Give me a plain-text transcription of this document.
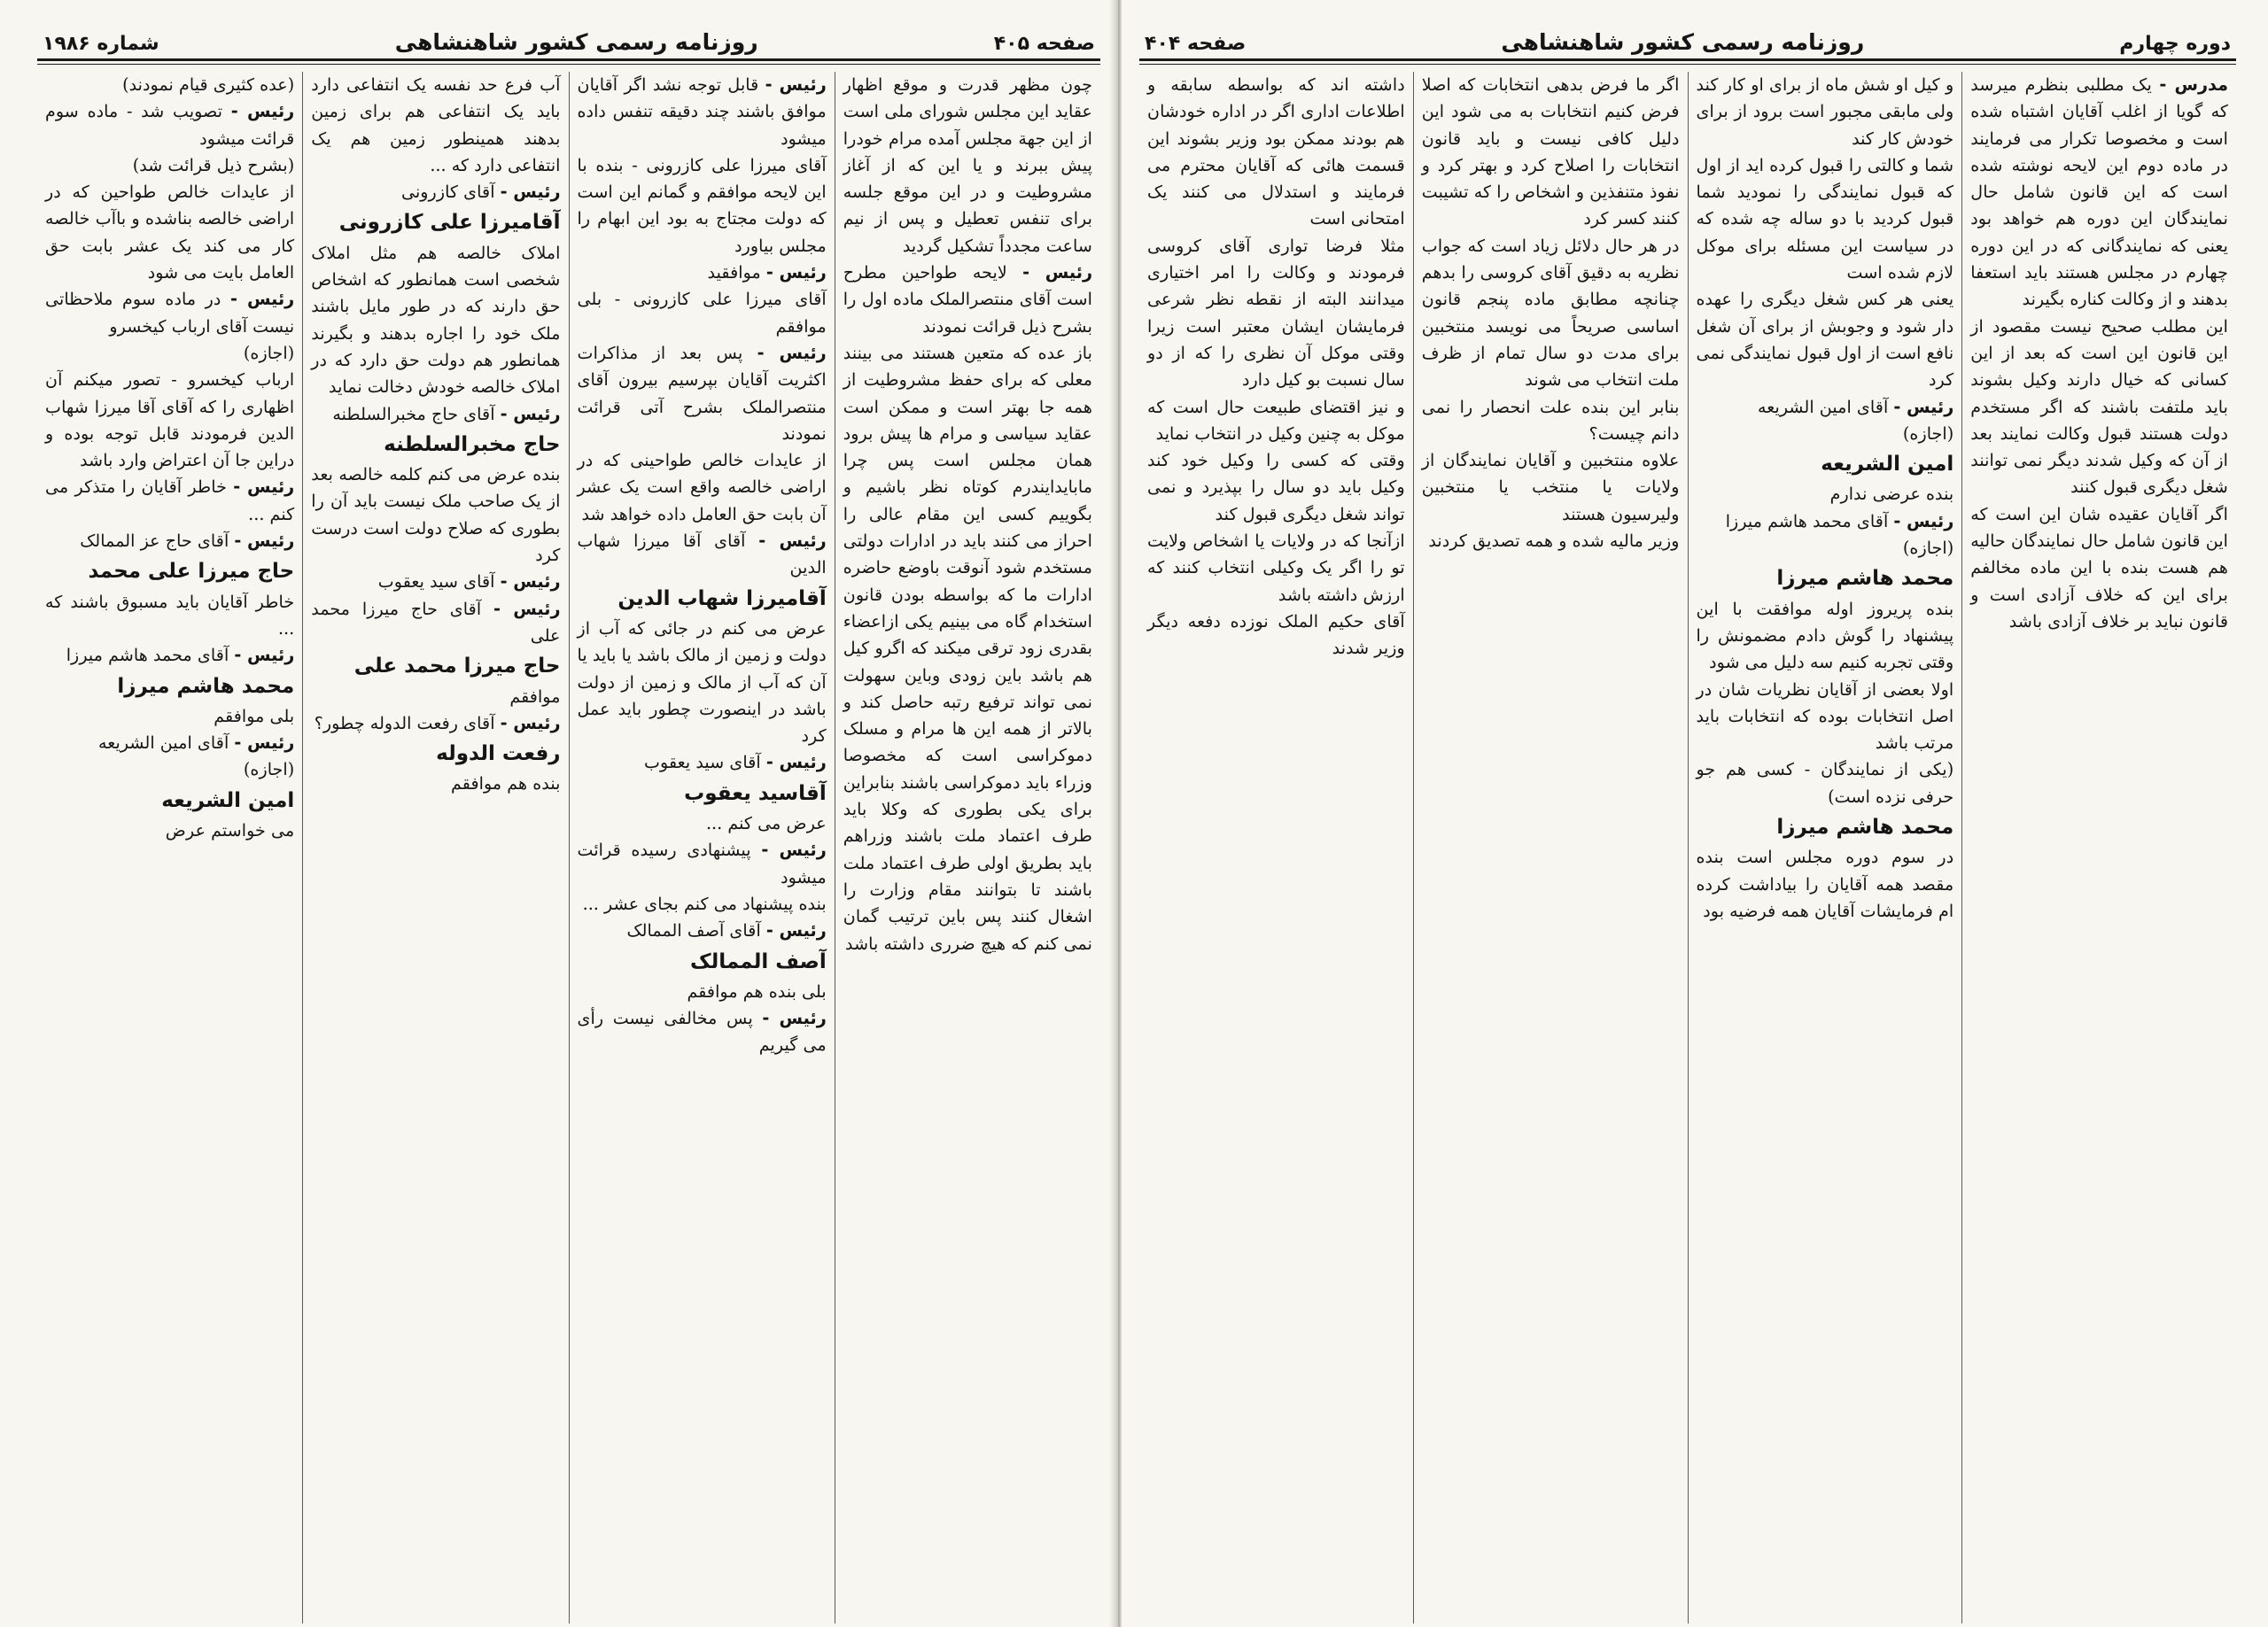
صفحه ۴۰۵
روزنامه رسمی کشور شاهنشاهی
شماره ۱۹۸۶

چون مظهر قدرت و موقع اظهار عقاید این مجلس شورای ملی است از این جهة مجلس آمده مرام خودرا پیش ببرند و یا این که از آغاز مشروطیت و در این موقع جلسه برای تنفس تعطیل و پس از نیم ساعت مجدداً تشکیل گردید

رئیس - لایحه طواحین مطرح است آقای منتصرالملک ماده اول را بشرح ذیل قرائت نمودند

باز عده که متعین هستند می بینند معلی که برای حفظ مشروطیت از همه جا بهتر است و ممکن است عقاید سیاسی و مرام ها پیش برود همان مجلس است پس چرا مابایدایندرم کوتاه نظر باشیم و بگوییم کسی این مقام عالی را احراز می کنند باید در ادارات دولتی مستخدم شود آنوقت باوضع حاضره ادارات ما که بواسطه بودن قانون استخدام گاه می بینیم یکی ازاعضاء بقدری زود ترقی میکند که اگرو کیل هم باشد باین زودی وباین سهولت نمی تواند ترفیع رتبه حاصل کند و بالاتر از همه این ها مرام و مسلک دموکراسی است که مخصوصا وزراء باید دموکراسی باشند بنابراین برای یکی بطوری که وکلا باید طرف اعتماد ملت باشند وزراهم باید بطریق اولی طرف اعتماد ملت باشند تا بتوانند مقام وزارت را اشغال کنند پس باین ترتیب گمان نمی کنم که هیچ ضرری داشته باشد

رئیس - قابل توجه نشد اگر آقایان موافق باشند چند دقیقه تنفس داده میشود

آقای میرزا علی کازرونی - بنده با این لایحه موافقم و گمانم این است که دولت مجتاج به بود این ابهام را مجلس بیاورد

رئیس - موافقید

آقای میرزا علی کازرونی - بلی موافقم

رئیس - پس بعد از مذاکرات اکثریت آقایان بپرسیم بیرون آقای منتصرالملک بشرح آتی قرائت نمودند

از عایدات خالص طواحینی که در اراضی خالصه واقع است یک عشر آن بابت حق العامل داده خواهد شد

رئیس - آقای آقا میرزا شهاب الدین

آقامیرزا شهاب الدین

عرض می کنم در جائی که آب از دولت و زمین از مالک باشد یا باید یا آن که آب از مالک و زمین از دولت باشد در اینصورت چطور باید عمل کرد

رئیس - آقای سید یعقوب

آقاسید یعقوب

عرض می کنم ...

رئیس - پیشنهادی رسیده قرائت میشود

بنده پیشنهاد می کنم بجای عشر ...

رئیس - آقای آصف الممالک

آصف الممالک

بلی بنده هم موافقم

رئیس - پس مخالفی نیست رأی می گیریم

آب فرع حد نفسه یک انتفاعی دارد باید یک انتفاعی هم برای زمین بدهند همینطور زمین هم یک انتفاعی دارد که ...

رئیس - آقای کازرونی

آقامیرزا علی کازرونی

املاک خالصه هم مثل املاک شخصی است همانطور که اشخاص حق دارند که در طور مایل باشند ملک خود را اجاره بدهند و بگیرند همانطور هم دولت حق دارد که در املاک خالصه خودش دخالت نماید

رئیس - آقای حاج مخبرالسلطنه

حاج مخبرالسلطنه

بنده عرض می کنم کلمه خالصه بعد از یک صاحب ملک نیست باید آن را بطوری که صلاح دولت است درست کرد

رئیس - آقای سید یعقوب

رئیس - آقای حاج میرزا محمد علی

حاج میرزا محمد علی

موافقم

رئیس - آقای رفعت الدوله چطور؟

رفعت الدوله

بنده هم موافقم

(عده کثیری قیام نمودند)

رئیس - تصویب شد - ماده سوم قرائت میشود

(بشرح ذیل قرائت شد)

از عایدات خالص طواحین که در اراضی خالصه بناشده و باآب خالصه کار می کند یک عشر بابت حق العامل بایت می شود

رئیس - در ماده سوم ملاحظاتی نیست آقای ارباب کیخسرو

(اجازه)

ارباب کیخسرو - تصور میکنم آن اظهاری را که آقای آقا میرزا شهاب الدین فرمودند قابل توجه بوده و دراین جا آن اعتراض وارد باشد

رئیس - خاطر آقایان را متذکر می کنم ...

رئیس - آقای حاج عز الممالک

حاج میرزا علی محمد

خاطر آقایان باید مسبوق باشند که ...

رئیس - آقای محمد هاشم میرزا

محمد هاشم میرزا

بلی موافقم

رئیس - آقای امین الشریعه

(اجازه)

امین الشریعه

می خواستم عرض

دوره چهارم
روزنامه رسمی کشور شاهنشاهی
صفحه ۴۰۴

مدرس - یک مطلبی بنظرم میرسد که گویا از اغلب آقایان اشتباه شده است و مخصوصا تکرار می فرمایند در ماده دوم این لایحه نوشته شده است که این قانون شامل حال نمایندگان این دوره هم خواهد بود یعنی که نمایندگانی که در این دوره چهارم در مجلس هستند باید استعفا بدهند و از وکالت کناره بگیرند

این مطلب صحیح نیست مقصود از این قانون این است که بعد از این کسانی که خیال دارند وکیل بشوند باید ملتفت باشند که اگر مستخدم دولت هستند قبول وکالت نمایند بعد از آن که وکیل شدند دیگر نمی توانند شغل دیگری قبول کنند

اگر آقایان عقیده شان این است که این قانون شامل حال نمایندگان حالیه هم هست بنده با این ماده مخالفم برای این که خلاف آزادی است و قانون نباید بر خلاف آزادی باشد

و کیل او شش ماه از برای او کار کند ولی مابقی مجبور است برود از برای خودش کار کند

شما و کالتی را قبول کرده اید از اول که قبول نمایندگی را نمودید شما قبول کردید با دو ساله چه شده که در سیاست این مسئله برای موکل لازم شده است

یعنی هر کس شغل دیگری را عهده دار شود و وجوبش از برای آن شغل نافع است از اول قبول نمایندگی نمی کرد

رئیس - آقای امین الشریعه

(اجازه)

امین الشریعه

بنده عرضی ندارم

رئیس - آقای محمد هاشم میرزا

(اجازه)

محمد هاشم میرزا

بنده پریروز اوله موافقت با این پیشنهاد را گوش دادم مضمونش را وقتی تجربه کنیم سه دلیل می شود

اولا بعضی از آقایان نظریات شان در اصل انتخابات بوده که انتخابات باید مرتب باشد

(یکی از نمایندگان - کسی هم جو حرفی نزده است)

محمد هاشم میرزا

در سوم دوره مجلس است بنده مقصد همه آقایان را بیاداشت کرده ام فرمایشات آقایان همه فرضیه بود

اگر ما فرض بدهی انتخابات که اصلا فرض کنیم انتخابات به می شود این دلیل کافی نیست و باید قانون انتخابات را اصلاح کرد و بهتر کرد و نفوذ متنفذین و اشخاص را که تشیبت کنند کسر کرد

در هر حال دلائل زیاد است که جواب نظریه به دقیق آقای کروسی را بدهم چنانچه مطابق ماده پنجم قانون اساسی صریحاً می نویسد منتخبین برای مدت دو سال تمام از ظرف ملت انتخاب می شوند

بنابر این بنده علت انحصار را نمی دانم چیست؟

علاوه منتخبین و آقایان نمایندگان از ولایات یا منتخب یا منتخبین ولیرسیون هستند

وزیر مالیه شده و همه تصدیق کردند

داشته اند که بواسطه سابقه و اطلاعات اداری اگر در اداره خودشان هم بودند ممکن بود وزیر بشوند این قسمت هائی که آقایان محترم می فرمایند و استدلال می کنند یک امتحانی است

مثلا فرضا تواری آقای کروسی فرمودند و وکالت را امر اختیاری میدانند البته از نقطه نظر شرعی فرمایشان ایشان معتبر است زیرا وقتی موکل آن نظری را که از دو سال نسبت بو کیل دارد

و نیز اقتضای طبیعت حال است که موکل به چنین وکیل در انتخاب نماید

وقتی که کسی را وکیل خود کند وکیل باید دو سال را بپذیرد و نمی تواند شغل دیگری قبول کند

ازآنجا که در ولایات یا اشخاص ولایت تو را اگر یک وکیلی انتخاب کنند که ارزش داشته باشد

آقای حکیم الملک نوزده دفعه دیگر وزیر شدند
